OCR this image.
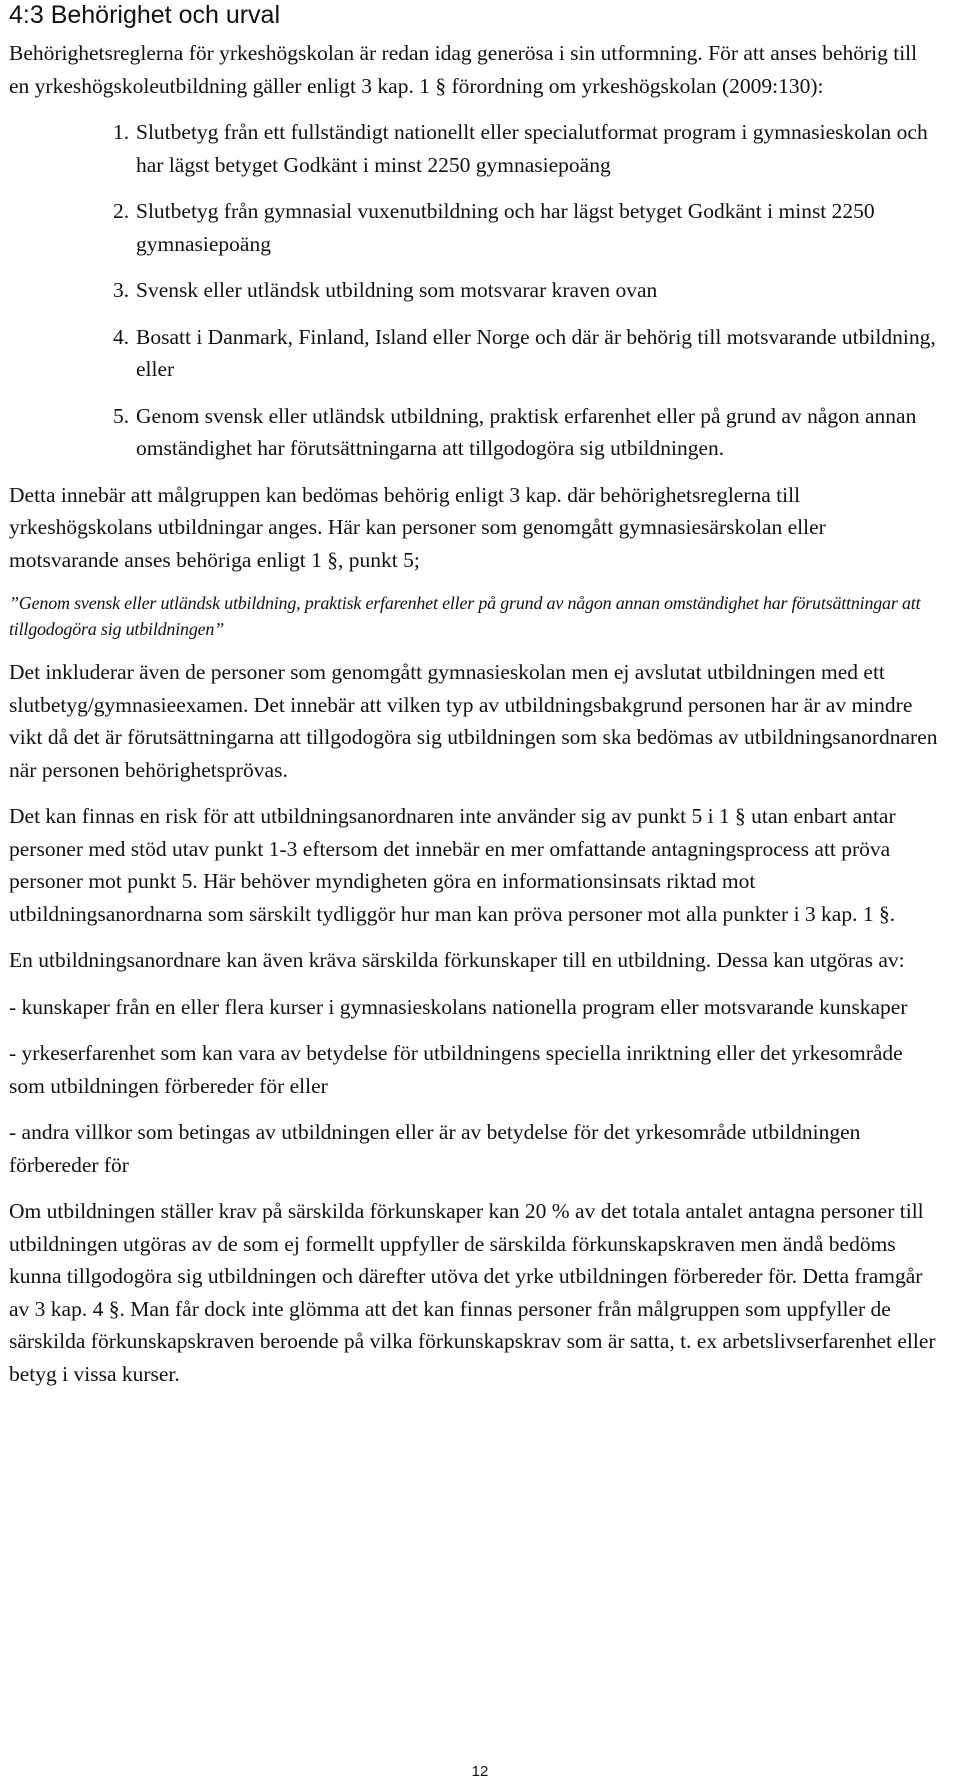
4:3 Behörighet och urval

Behörighetsreglerna för yrkeshögskolan är redan idag generösa i sin utformning. För att anses behörig till en yrkeshögskoleutbildning gäller enligt 3 kap. 1 § förordning om yrkeshögskolan (2009:130):

1. Slutbetyg från ett fullständigt nationellt eller specialutformat program i gymnasieskolan och har lägst betyget Godkänt i minst 2250 gymnasiepoäng
2. Slutbetyg från gymnasial vuxenutbildning och har lägst betyget Godkänt i minst 2250 gymnasiepoäng
3. Svensk eller utländsk utbildning som motsvarar kraven ovan
4. Bosatt i Danmark, Finland, Island eller Norge och där är behörig till motsvarande utbildning, eller
5. Genom svensk eller utländsk utbildning, praktisk erfarenhet eller på grund av någon annan omständighet har förutsättningarna att tillgodogöra sig utbildningen.

Detta innebär att målgruppen kan bedömas behörig enligt 3 kap. där behörighetsreglerna till yrkeshögskolans utbildningar anges. Här kan personer som genomgått gymnasiesärskolan eller motsvarande anses behöriga enligt 1 §, punkt 5;

”Genom svensk eller utländsk utbildning, praktisk erfarenhet eller på grund av någon annan omständighet har förutsättningar att tillgodogöra sig utbildningen”

Det inkluderar även de personer som genomgått gymnasieskolan men ej avslutat utbildningen med ett slutbetyg/gymnasieexamen. Det innebär att vilken typ av utbildningsbakgrund personen har är av mindre vikt då det är förutsättningarna att tillgodogöra sig utbildningen som ska bedömas av utbildningsanordnaren när personen behörighetsprövas.

Det kan finnas en risk för att utbildningsanordnaren inte använder sig av punkt 5 i 1 § utan enbart antar personer med stöd utav punkt 1-3 eftersom det innebär en mer omfattande antagningsprocess att pröva personer mot punkt 5. Här behöver myndigheten göra en informationsinsats riktad mot utbildningsanordnarna som särskilt tydliggör hur man kan pröva personer mot alla punkter i 3 kap. 1 §.

En utbildningsanordnare kan även kräva särskilda förkunskaper till en utbildning. Dessa kan utgöras av:

- kunskaper från en eller flera kurser i gymnasieskolans nationella program eller motsvarande kunskaper

- yrkeserfarenhet som kan vara av betydelse för utbildningens speciella inriktning eller det yrkesområde som utbildningen förbereder för eller

- andra villkor som betingas av utbildningen eller är av betydelse för det yrkesområde utbildningen förbereder för

Om utbildningen ställer krav på särskilda förkunskaper kan 20 % av det totala antalet antagna personer till utbildningen utgöras av de som ej formellt uppfyller de särskilda förkunskapskraven men ändå bedöms kunna tillgodogöra sig utbildningen och därefter utöva det yrke utbildningen förbereder för. Detta framgår av 3 kap. 4 §. Man får dock inte glömma att det kan finnas personer från målgruppen som uppfyller de särskilda förkunskapskraven beroende på vilka förkunskapskrav som är satta, t. ex arbetslivserfarenhet eller betyg i vissa kurser.

12
